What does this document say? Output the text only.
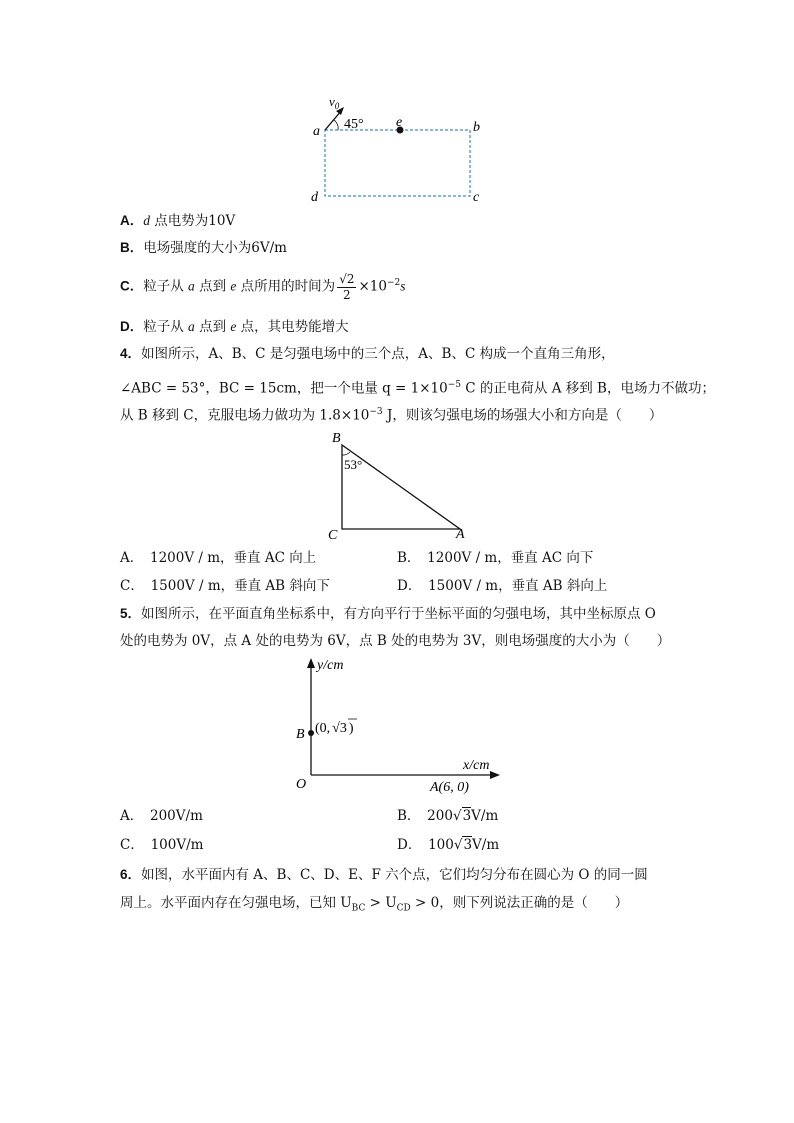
$v_0$
45°
a
e	b
d	c
A．d 点电势为10V
B．电场强度的大小为6V/m
C．粒子从 a 点到 e 点所用的时间为 $\frac{√2}{2} \times 10^{-2}s$
D．粒子从 a 点到 e 点，其电势能增大
4．如图所示，A、B、C 是匀强电场中的三个点，A、B、C 构成一个直角三角形，
∠ABC = 53°，BC = 15cm，把一个电量 $q = 1\times 10^{-5}$ C 的正电荷从 A 移到 B，电场力不做功；
从 B 移到 C，克服电场力做功为 $1.8\times 10^{-3}$ J，则该匀强电场的场强大小和方向是（　　）
B
53°
C	A
A．　1200V / m，垂直 AC 向上	B．　1200V / m，垂直 AC 向下
C．　1500V / m，垂直 AB 斜向下	D．　1500V / m，垂直 AB 斜向上
5．如图所示，在平面直角坐标系中，有方向平行于坐标平面的匀强电场，其中坐标原点 O
处的电势为 0V，点 A 处的电势为 6V，点 B 处的电势为 3V，则电场强度的大小为（　　）
y/cm
x/cm
O
B (0, √3 )
A(6, 0)
A．　200V/m	B．　200√3V/m
C．　100V/m	D．　100√3V/m
6．如图，水平面内有 A、B、C、D、E、F 六个点，它们均匀分布在圆心为 O 的同一圆
周上。水平面内存在匀强电场，已知 $U_{BC} > U_{CD} > 0$，则下列说法正确的是（　　）
